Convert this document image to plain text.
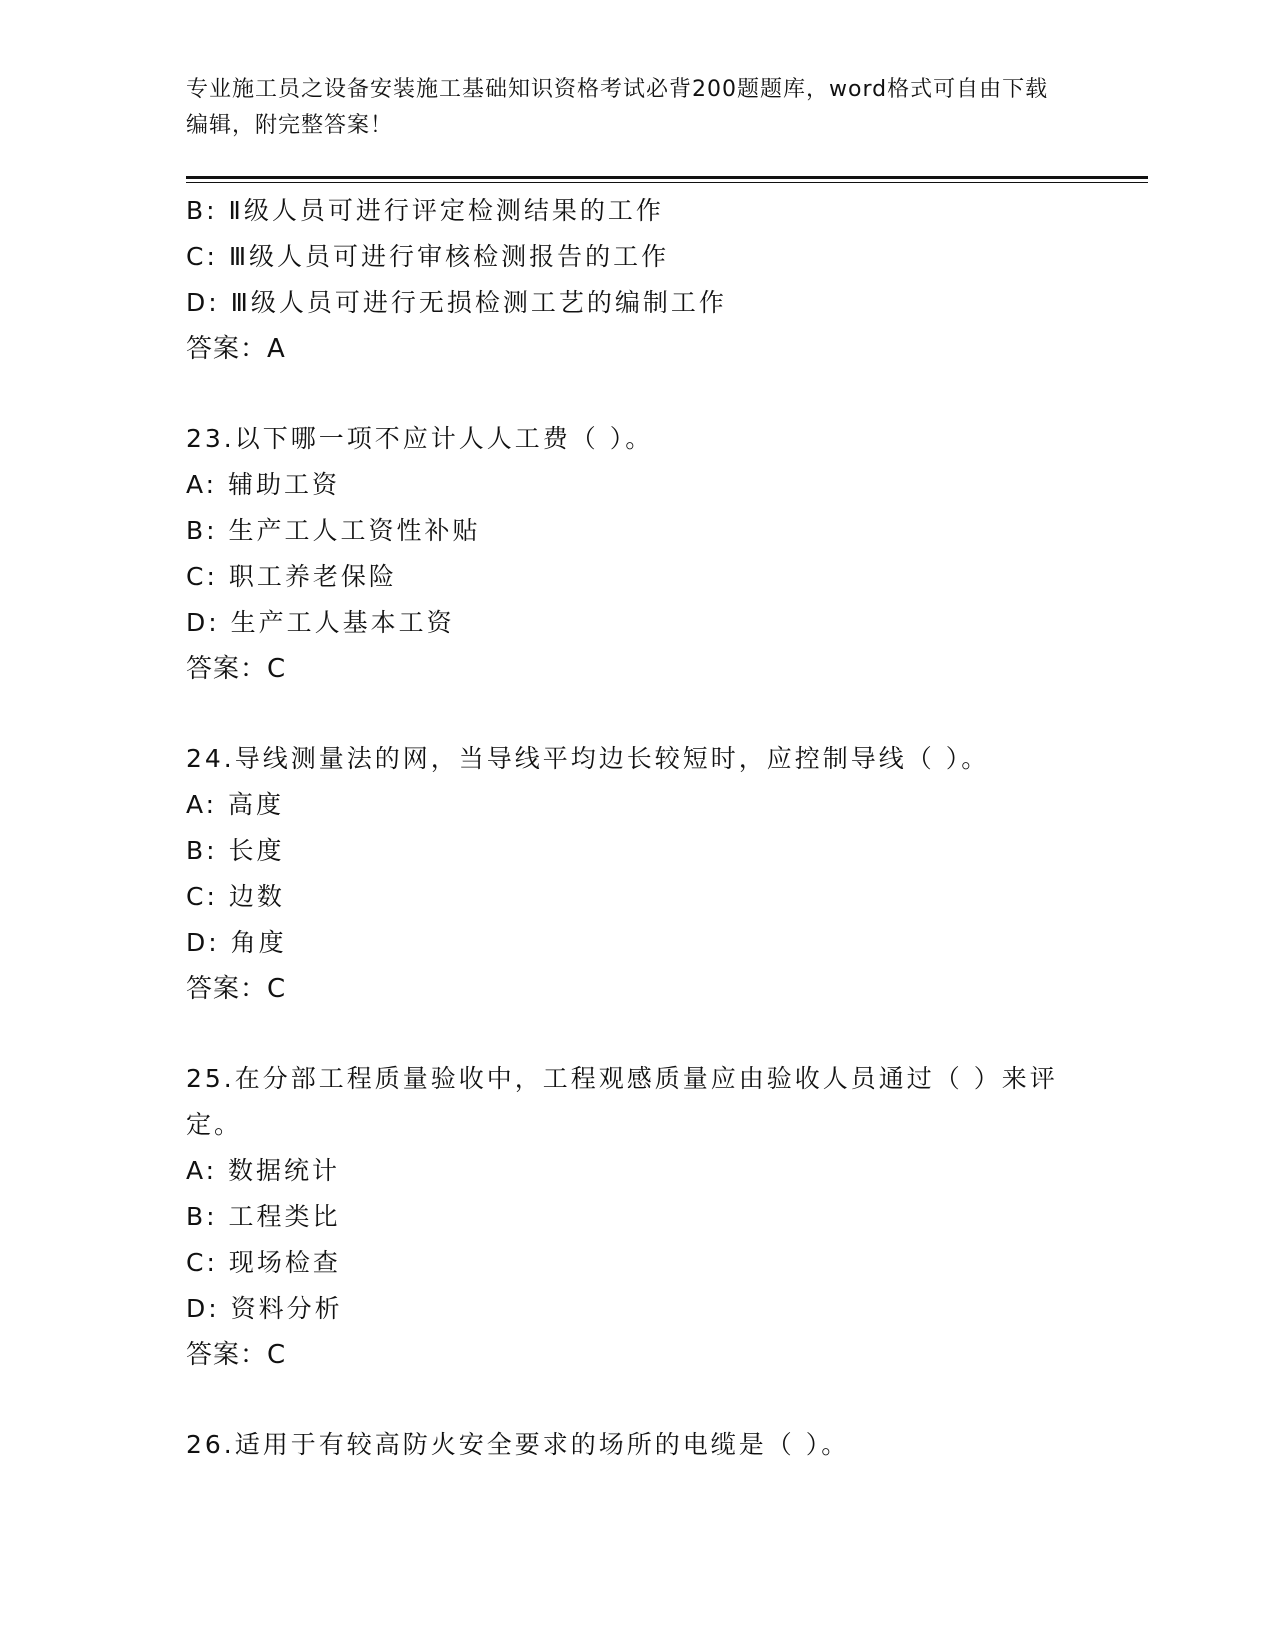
专业施工员之设备安装施工基础知识资格考试必背200题题库，word格式可自由下载编辑，附完整答案！
B: Ⅱ级人员可进行评定检测结果的工作
C: Ⅲ级人员可进行审核检测报告的工作
D: Ⅲ级人员可进行无损检测工艺的编制工作
答案：A
23.以下哪一项不应计人人工费（ ）。
A: 辅助工资
B: 生产工人工资性补贴
C: 职工养老保险
D: 生产工人基本工资
答案：C
24.导线测量法的网，当导线平均边长较短时，应控制导线（ ）。
A: 高度
B: 长度
C: 边数
D: 角度
答案：C
25.在分部工程质量验收中，工程观感质量应由验收人员通过（ ）来评定。
A: 数据统计
B: 工程类比
C: 现场检查
D: 资料分析
答案：C
26.适用于有较高防火安全要求的场所的电缆是（ ）。
